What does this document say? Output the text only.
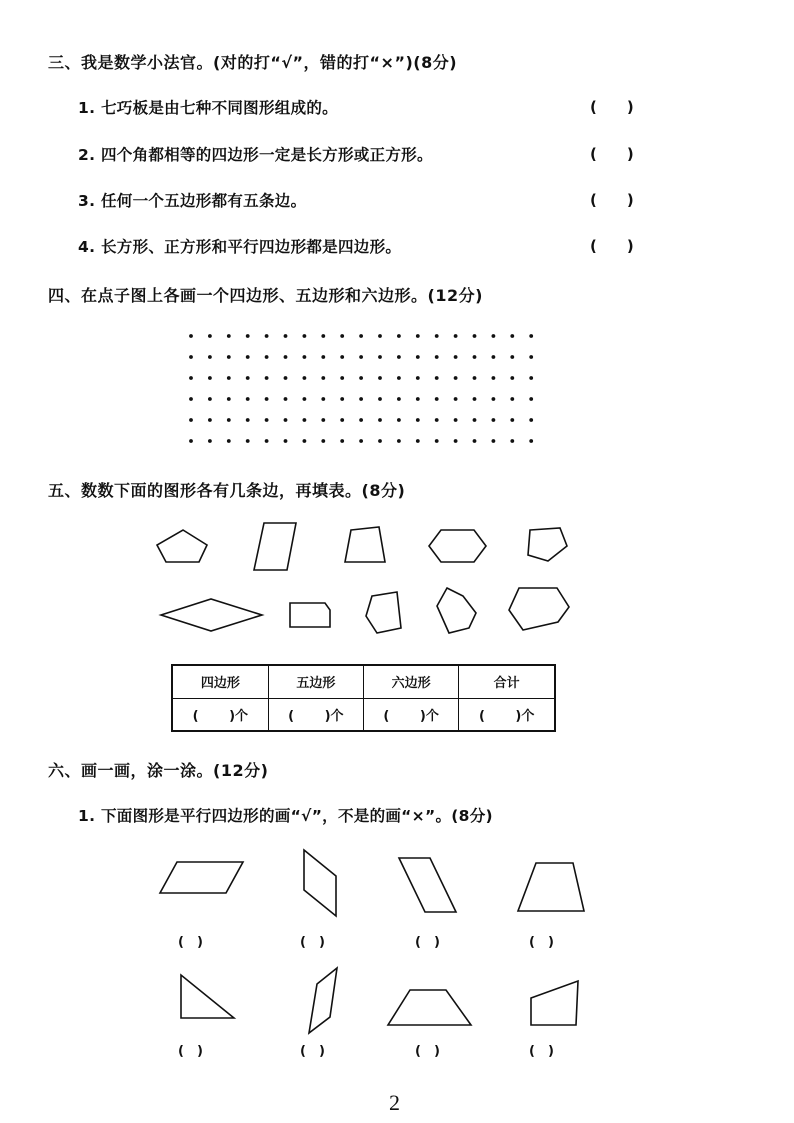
三、我是数学小法官。(对的打“√”，错的打“×”)(8分)
1. 七巧板是由七种不同图形组成的。	(　　)
2. 四个角都相等的四边形一定是长方形或正方形。	(　　)
3. 任何一个五边形都有五条边。	(　　)
4. 长方形、正方形和平行四边形都是四边形。	(　　)
四、在点子图上各画一个四边形、五边形和六边形。(12分)
五、数数下面的图形各有几条边，再填表。(8分)
四边形	五边形	六边形	合计
(　　 )个	(　　 )个	(　　 )个	(　　 )个
六、画一画，涂一涂。(12分)
1. 下面图形是平行四边形的画“√”，不是的画“×”。(8分)
(　)	(　)	(　)	(　)
(　)	(　)	(　)	(　)
2
